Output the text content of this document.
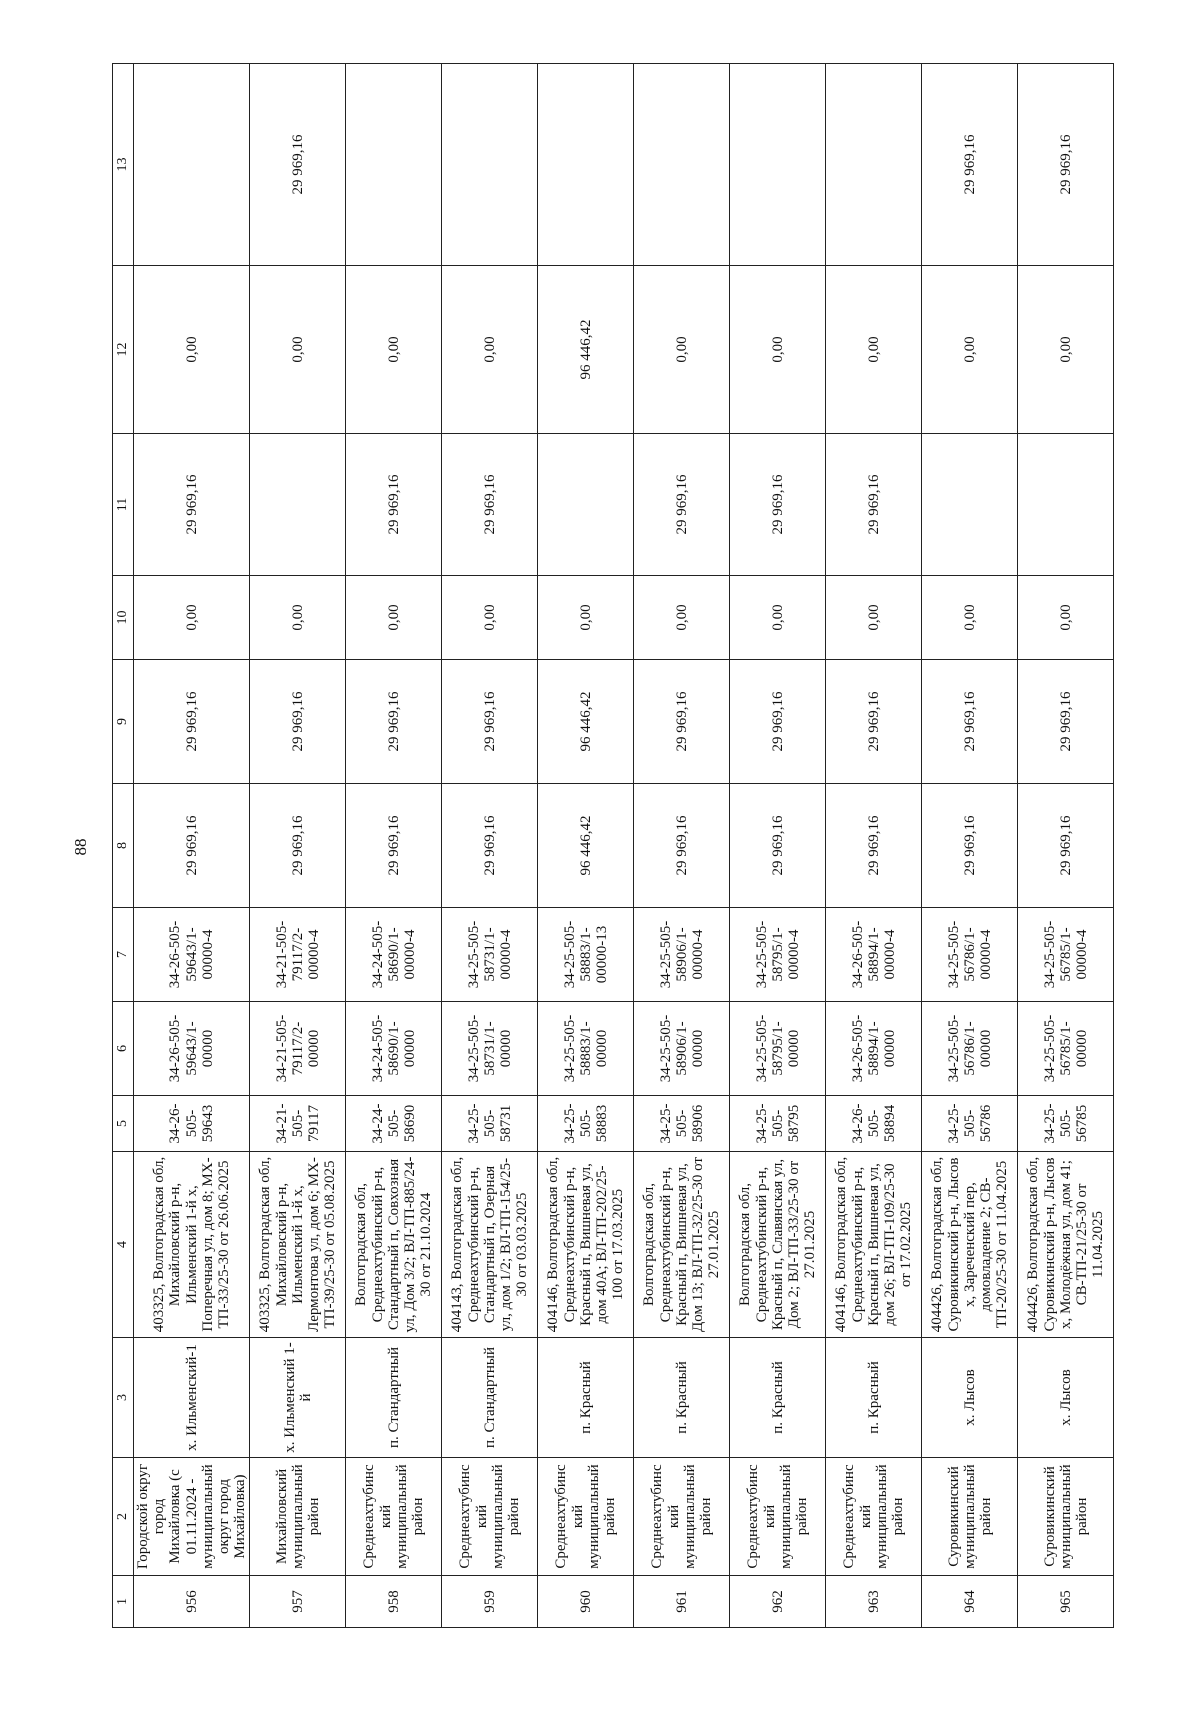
88
1	2	3	4	5	6	7	8	9	10	11	12	13
956	Городской округ город Михайловка (с 01.11.2024 - муниципальный округ город Михайловка)	х. Ильменский-1	403325, Волгоградская обл, Михайловский р-н, Ильменский 1-й х, Поперечная ул, дом 8; МХ-ТП-33/25-30 от 26.06.2025	34-26-505-59643	34-26-505-59643/1-00000	34-26-505-59643/1-00000-4	29 969,16	29 969,16	0,00	29 969,16	0,00	
957	Михайловский муниципальный район	х. Ильменский 1-й	403325, Волгоградская обл, Михайловский р-н, Ильменский 1-й х, Лермонтова ул, дом 6; МХ-ТП-39/25-30 от 05.08.2025	34-21-505-79117	34-21-505-79117/2-00000	34-21-505-79117/2-00000-4	29 969,16	29 969,16	0,00		0,00	29 969,16
958	Среднеахтубинский муниципальный район	п. Стандартный	Волгоградская обл, Среднеахтубинский р-н, Стандартный п, Совхозная ул, Дом 3/2; ВЛ-ТП-885/24-30 от 21.10.2024	34-24-505-58690	34-24-505-58690/1-00000	34-24-505-58690/1-00000-4	29 969,16	29 969,16	0,00	29 969,16	0,00	
959	Среднеахтубинский муниципальный район	п. Стандартный	404143, Волгоградская обл, Среднеахтубинский р-н, Стандартный п, Озерная ул, дом 1/2; ВЛ-ТП-154/25-30 от 03.03.2025	34-25-505-58731	34-25-505-58731/1-00000	34-25-505-58731/1-00000-4	29 969,16	29 969,16	0,00	29 969,16	0,00	
960	Среднеахтубинский муниципальный район	п. Красный	404146, Волгоградская обл, Среднеахтубинский р-н, Красный п, Вишневая ул, дом 40А; ВЛ-ТП-202/25-100 от 17.03.2025	34-25-505-58883	34-25-505-58883/1-00000	34-25-505-58883/1-00000-13	96 446,42	96 446,42	0,00		96 446,42	
961	Среднеахтубинский муниципальный район	п. Красный	Волгоградская обл, Среднеахтубинский р-н, Красный п, Вишневая ул, Дом 13; ВЛ-ТП-32/25-30 от 27.01.2025	34-25-505-58906	34-25-505-58906/1-00000	34-25-505-58906/1-00000-4	29 969,16	29 969,16	0,00	29 969,16	0,00	
962	Среднеахтубинский муниципальный район	п. Красный	Волгоградская обл, Среднеахтубинский р-н, Красный п, Славянская ул, Дом 2; ВЛ-ТП-33/25-30 от 27.01.2025	34-25-505-58795	34-25-505-58795/1-00000	34-25-505-58795/1-00000-4	29 969,16	29 969,16	0,00	29 969,16	0,00	
963	Среднеахтубинский муниципальный район	п. Красный	404146, Волгоградская обл, Среднеахтубинский р-н, Красный п, Вишневая ул, дом 26; ВЛ-ТП-109/25-30 от 17.02.2025	34-26-505-58894	34-26-505-58894/1-00000	34-26-505-58894/1-00000-4	29 969,16	29 969,16	0,00	29 969,16	0,00	
964	Суровикинский муниципальный район	х. Лысов	404426, Волгоградская обл, Суровикинский р-н, Лысов х, Зареченский пер, домовладение 2; СВ-ТП-20/25-30 от 11.04.2025	34-25-505-56786	34-25-505-56786/1-00000	34-25-505-56786/1-00000-4	29 969,16	29 969,16	0,00		0,00	29 969,16
965	Суровикинский муниципальный район	х. Лысов	404426, Волгоградская обл, Суровикинский р-н, Лысов х, Молодёжная ул, дом 41; СВ-ТП-21/25-30 от 11.04.2025	34-25-505-56785	34-25-505-56785/1-00000	34-25-505-56785/1-00000-4	29 969,16	29 969,16	0,00		0,00	29 969,16
